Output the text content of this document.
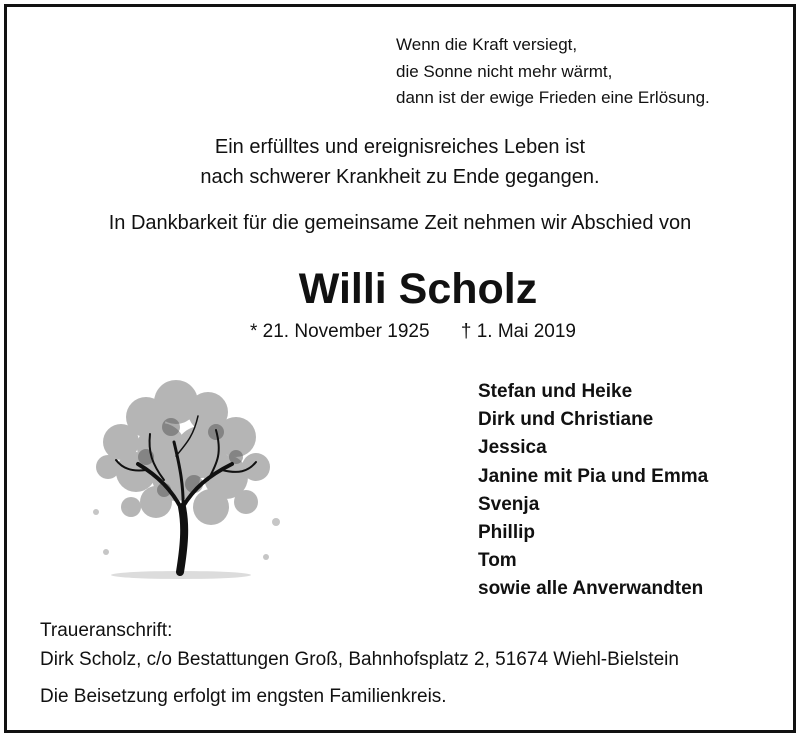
Wenn die Kraft versiegt,
die Sonne nicht mehr wärmt,
dann ist der ewige Frieden eine Erlösung.
Ein erfülltes und ereignisreiches Leben ist
nach schwerer Krankheit zu Ende gegangen.
In Dankbarkeit für die gemeinsame Zeit nehmen wir Abschied von
Willi Scholz
* 21. November 1925 † 1. Mai 2019
Stefan und Heike
Dirk und Christiane
Jessica
Janine mit Pia und Emma
Svenja
Phillip
Tom
sowie alle Anverwandten
Traueranschrift:
Dirk Scholz, c/o Bestattungen Groß, Bahnhofsplatz 2, 51674 Wiehl-Bielstein
Die Beisetzung erfolgt im engsten Familienkreis.
